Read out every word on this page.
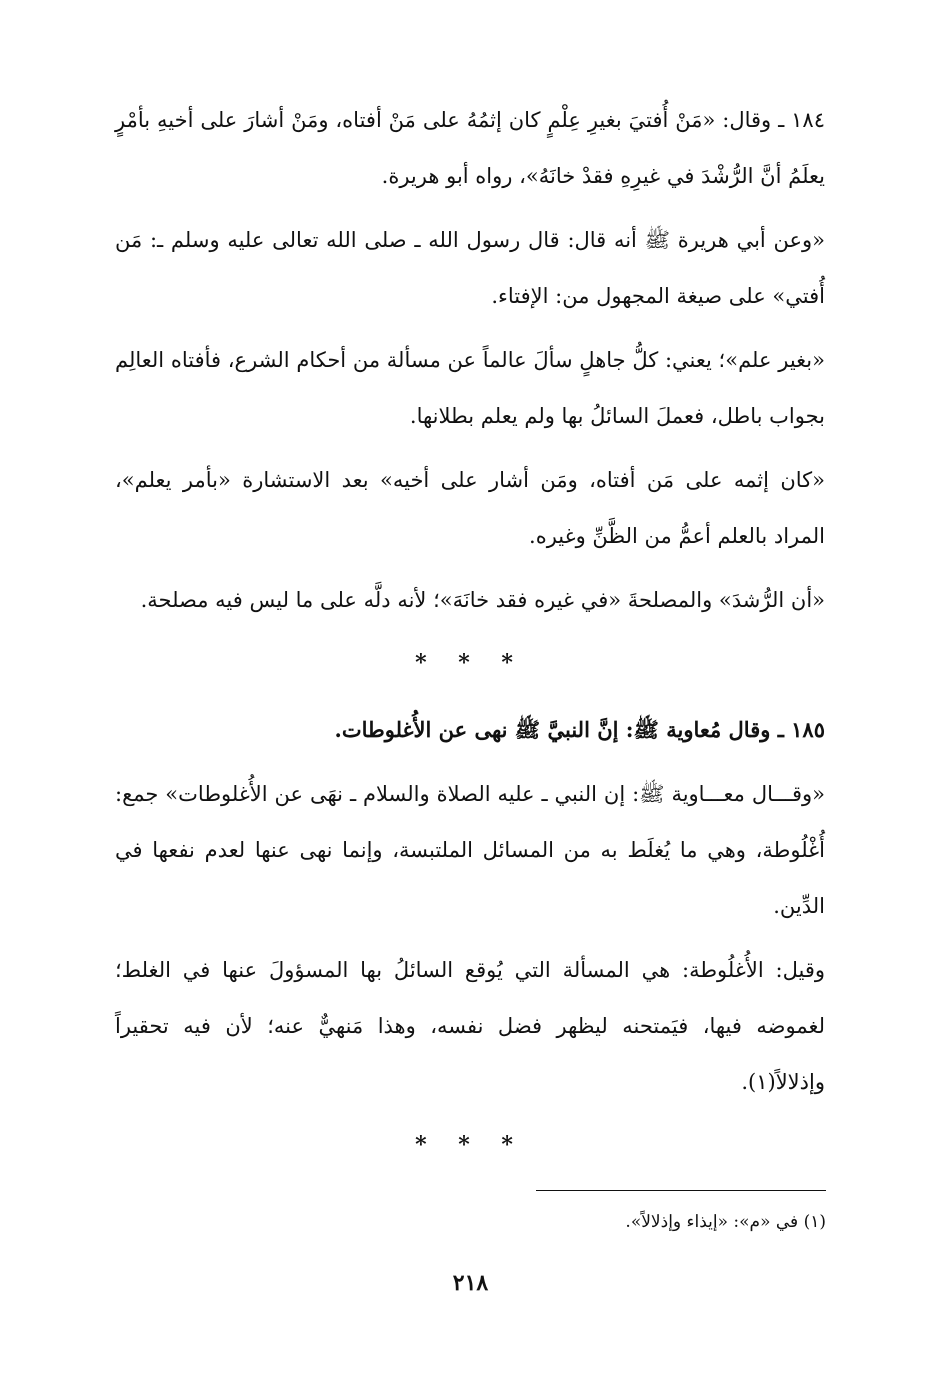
١٨٤ ـ وقال: «مَنْ أُفتيَ بغيرِ عِلْمٍ كان إثمُهُ على مَنْ أفتاه، ومَنْ أشارَ على أخيهِ بأمْرٍ يعلَمُ أنَّ الرُّشْدَ في غيرِهِ فقدْ خانَهُ»، رواه أبو هريرة.

«وعن أبي هريرة ﷺ أنه قال: قال رسول الله ـ صلى الله تعالى عليه وسلم ـ: مَن أُفتي» على صيغة المجهول من: الإفتاء.

«بغير علم»؛ يعني: كلُّ جاهلٍ سألَ عالماً عن مسألة من أحكام الشرع، فأفتاه العالِم بجواب باطل، فعملَ السائلُ بها ولم يعلم بطلانها.

«كان إثمه على مَن أفتاه، ومَن أشار على أخيه» بعد الاستشارة «بأمر يعلم»، المراد بالعلم أعمُّ من الظَّنِّ وغيره.

«أن الرُّشدَ» والمصلحةَ «في غيره فقد خانَهَ»؛ لأنه دلَّه على ما ليس فيه مصلحة.

* * *

١٨٥ ـ وقال مُعاوية ﷺ: إنَّ النبيَّ ﷺ نهى عن الأُغلوطات.

«وقـــال معـــاوية ﷺ: إن النبي ـ عليه الصلاة والسلام ـ نهَى عن الأُغلوطات» جمع: أُغْلُوطة، وهي ما يُغلَط به من المسائل الملتبسة، وإنما نهى عنها لعدم نفعها في الدِّين.

وقيل: الأُغلُوطة: هي المسألة التي يُوقع السائلُ بها المسؤولَ عنها في الغلط؛ لغموضه فيها، فيَمتحنه ليظهر فضل نفسه، وهذا مَنهيٌّ عنه؛ لأن فيه تحقيراً وإذلالاً(١).

* * *
(١) في «م»: «إيذاء وإذلالاً».
٢١٨
